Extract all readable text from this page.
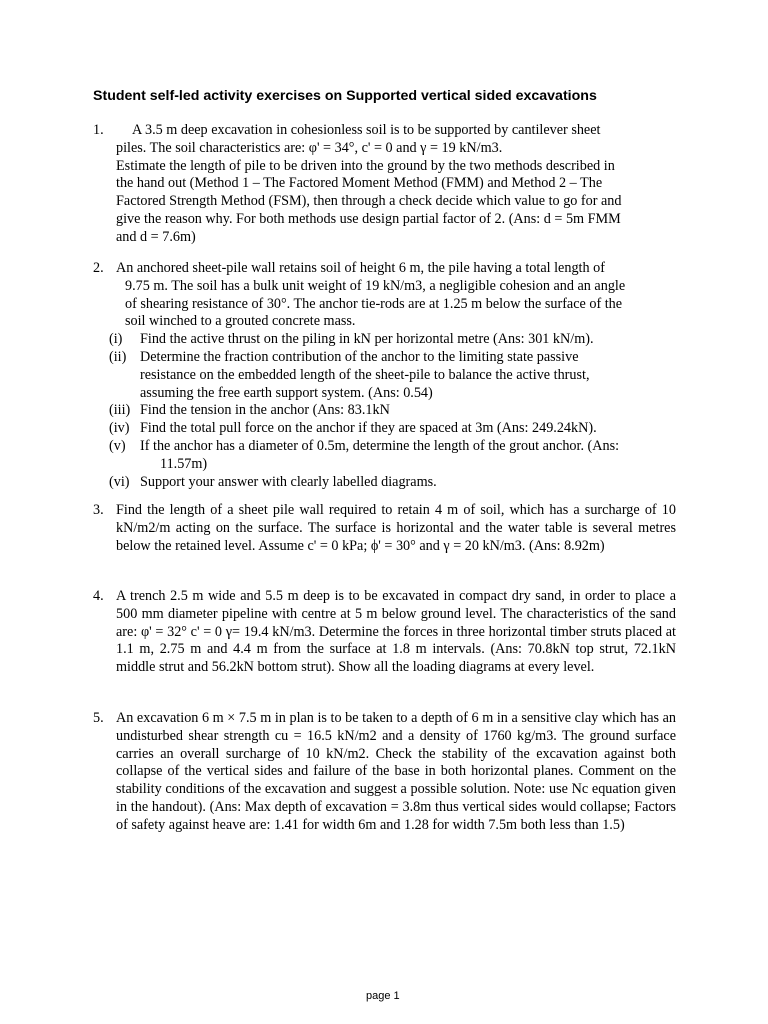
Student self-led activity exercises on Supported vertical sided excavations
1.	A 3.5 m deep excavation in cohesionless soil is to be supported by cantilever sheet

piles. The soil characteristics are: φ' = 34°, c' = 0 and γ = 19 kN/m3.

Estimate the length of pile to be driven into the ground by the two methods described in

the hand out (Method 1 – The Factored Moment Method (FMM) and Method 2 – The

Factored Strength Method (FSM), then through a check decide which value to go for and

give the reason why. For both methods use design partial factor of 2. (Ans: d = 5m FMM

and d = 7.6m)

2. An anchored sheet-pile wall retains soil of height 6 m, the pile having a total length of

9.75 m. The soil has a bulk unit weight of 19 kN/m3, a negligible cohesion and an angle

of shearing resistance of 30°. The anchor tie-rods are at 1.25 m below the surface of the

soil winched to a grouted concrete mass.

(i) Find the active thrust on the piling in kN per horizontal metre (Ans: 301 kN/m).

(ii) Determine the fraction contribution of the anchor to the limiting state passive

resistance on the embedded length of the sheet-pile to balance the active thrust,

assuming the free earth support system. (Ans: 0.54)

(iii) Find the tension in the anchor (Ans: 83.1kN

(iv) Find the total pull force on the anchor if they are spaced at 3m (Ans: 249.24kN).

(v) If the anchor has a diameter of 0.5m, determine the length of the grout anchor. (Ans:

11.57m)

(vi) Support your answer with clearly labelled diagrams.

3. Find the length of a sheet pile wall required to retain 4 m of soil, which has a surcharge of 10 kN/m2/m acting on the surface. The surface is horizontal and the water table is several metres below the retained level. Assume c' = 0 kPa; ϕ' = 30° and γ = 20 kN/m3. (Ans: 8.92m)

4. A trench 2.5 m wide and 5.5 m deep is to be excavated in compact dry sand, in order to place a 500 mm diameter pipeline with centre at 5 m below ground level. The characteristics of the sand are: φ' = 32° c' = 0 γ= 19.4 kN/m3. Determine the forces in three horizontal timber struts placed at 1.1 m, 2.75 m and 4.4 m from the surface at 1.8 m intervals. (Ans: 70.8kN top strut, 72.1kN middle strut and 56.2kN bottom strut). Show all the loading diagrams at every level.

5. An excavation 6 m × 7.5 m in plan is to be taken to a depth of 6 m in a sensitive clay which has an undisturbed shear strength cu = 16.5 kN/m2 and a density of 1760 kg/m3. The ground surface carries an overall surcharge of 10 kN/m2. Check the stability of the excavation against both collapse of the vertical sides and failure of the base in both horizontal planes. Comment on the stability conditions of the excavation and suggest a possible solution. Note: use Nc equation given in the handout). (Ans: Max depth of excavation = 3.8m thus vertical sides would collapse; Factors of safety against heave are: 1.41 for width 6m and 1.28 for width 7.5m both less than 1.5)

page 1
